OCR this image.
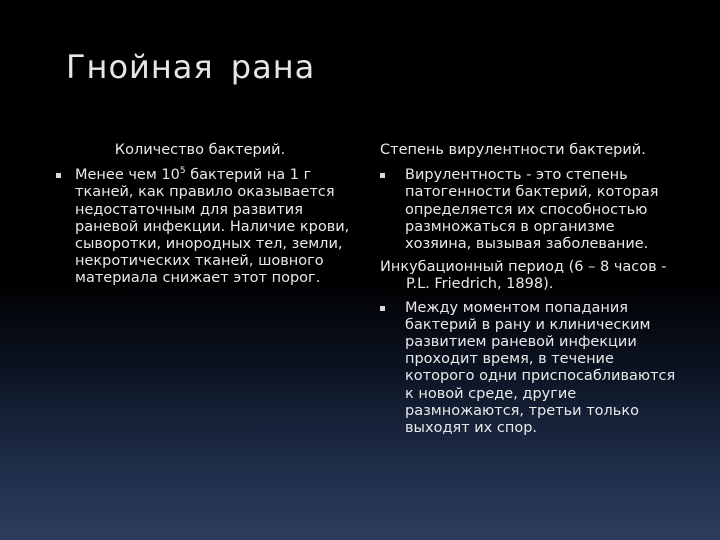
Гнойная рана
Количество бактерий.
Менее чем $10^5$ бактерий на 1 г тканей, как правило оказывается недостаточным для развития раневой инфекции. Наличие крови, сыворотки, инородных тел, земли, некротических тканей, шовного материала снижает этот порог.
Степень вирулентности бактерий.
Вирулентность - это степень патогенности бактерий, которая определяется их способностью размножаться в организме хозяина, вызывая заболевание.
Инкубационный период (6 – 8 часов - P.L. Friedrich, 1898).
Между моментом попадания бактерий в рану и клиническим развитием раневой инфекции проходит время, в течение которого одни приспосабливаются к новой среде, другие размножаются, третьи только выходят их спор.
